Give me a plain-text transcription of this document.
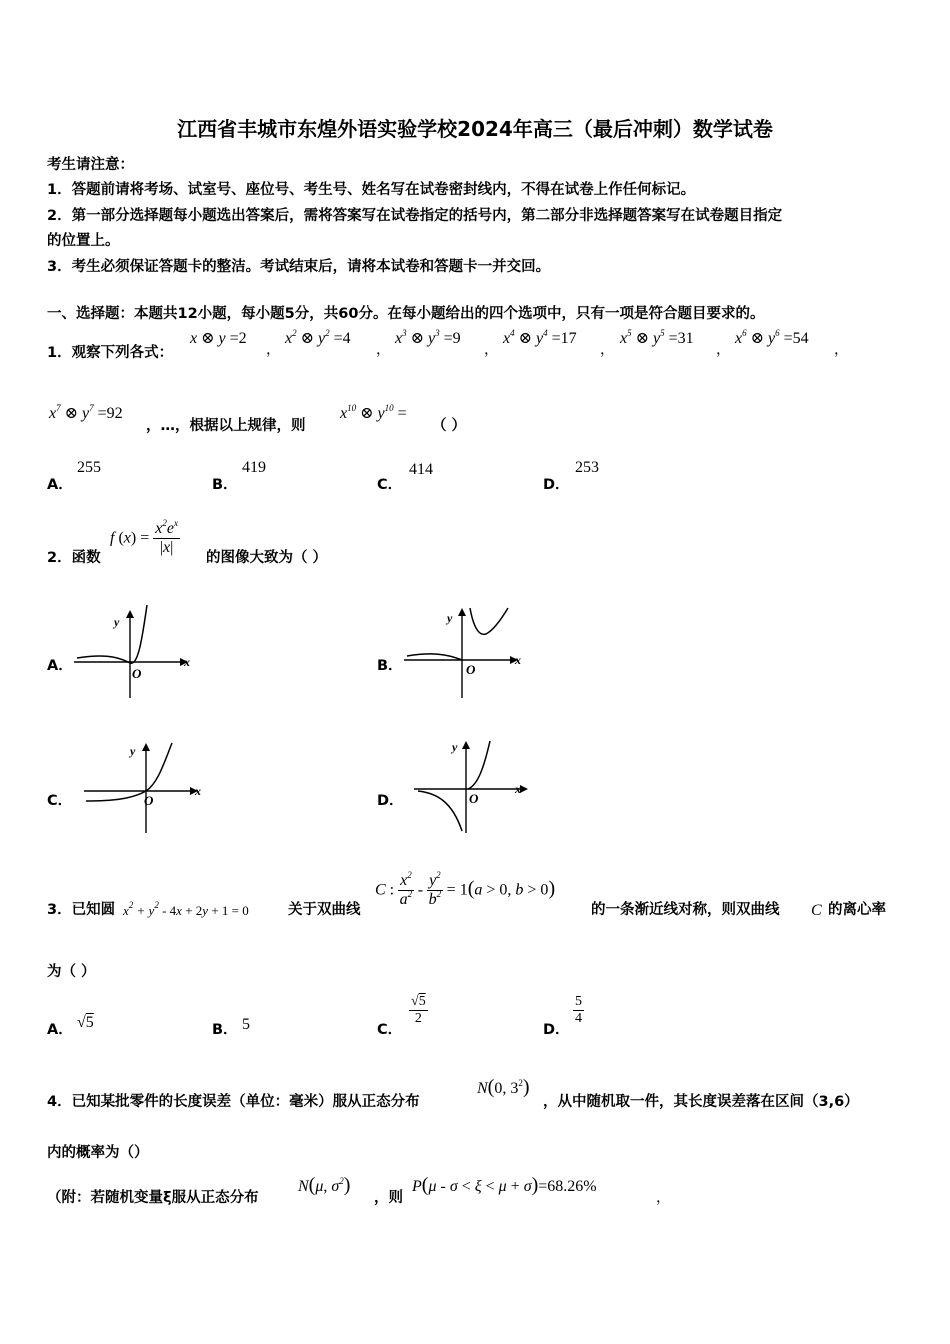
江西省丰城市东煌外语实验学校2024年高三（最后冲刺）数学试卷
考生请注意：
1．答题前请将考场、试室号、座位号、考生号、姓名写在试卷密封线内，不得在试卷上作任何标记。
2．第一部分选择题每小题选出答案后，需将答案写在试卷指定的括号内，第二部分非选择题答案写在试卷题目指定
的位置上。
3．考生必须保证答题卡的整洁。考试结束后，请将本试卷和答题卡一并交回。
一、选择题：本题共12小题，每小题5分，共60分。在每小题给出的四个选项中，只有一项是符合题目要求的。
1．观察下列各式：
x ⊗ y =2 $x^2$ ⊗ $y^2 =4$	$x^3$ ⊗ $y^3 =9$	$x^4$ ⊗ $y^4 =17$	$x^5$ ⊗ $y^5 =31$	$x^6$ ⊗ $y^6 =54$
，	，	，	，	，	，
$x^7$ ⊗ $y^7 =92$
，…，根据以上规律，则
$x^{10}$ ⊗ $y^{10}$ =
（ ）
A．
255
B．
419
C．
414
D．
253
2．函数
f $(x) = \frac{x^2e^x}{|x|}$
的图像大致为（ ）
A．
y
x
O	B．
y
x
O
C．
y
x
O	D．
y
x
O
3．已知圆 $x^2 + y^2 - 4x + 2y + 1 = 0$	关于双曲线
C : $\frac{x^2}{a^2} - \frac{y^2}{b^2} = 1(a > 0$, b > 0)
的一条渐近线对称，则双曲线 C 的离心率
为（ ）
A． √5	B． 5	C．
$\frac{√5}{2}$
D．
$\frac{5}{4}$
4．已知某批零件的长度误差（单位：毫米）服从正态分布
N(0, $3^2$)
，从中随机取一件，其长度误差落在区间（3,6）
内的概率为（）
（附：若随机变量ξ服从正态分布
N(μ, $\sigma^2$)
，则
P(μ - σ < ξ < μ + σ)=68.26%
，
